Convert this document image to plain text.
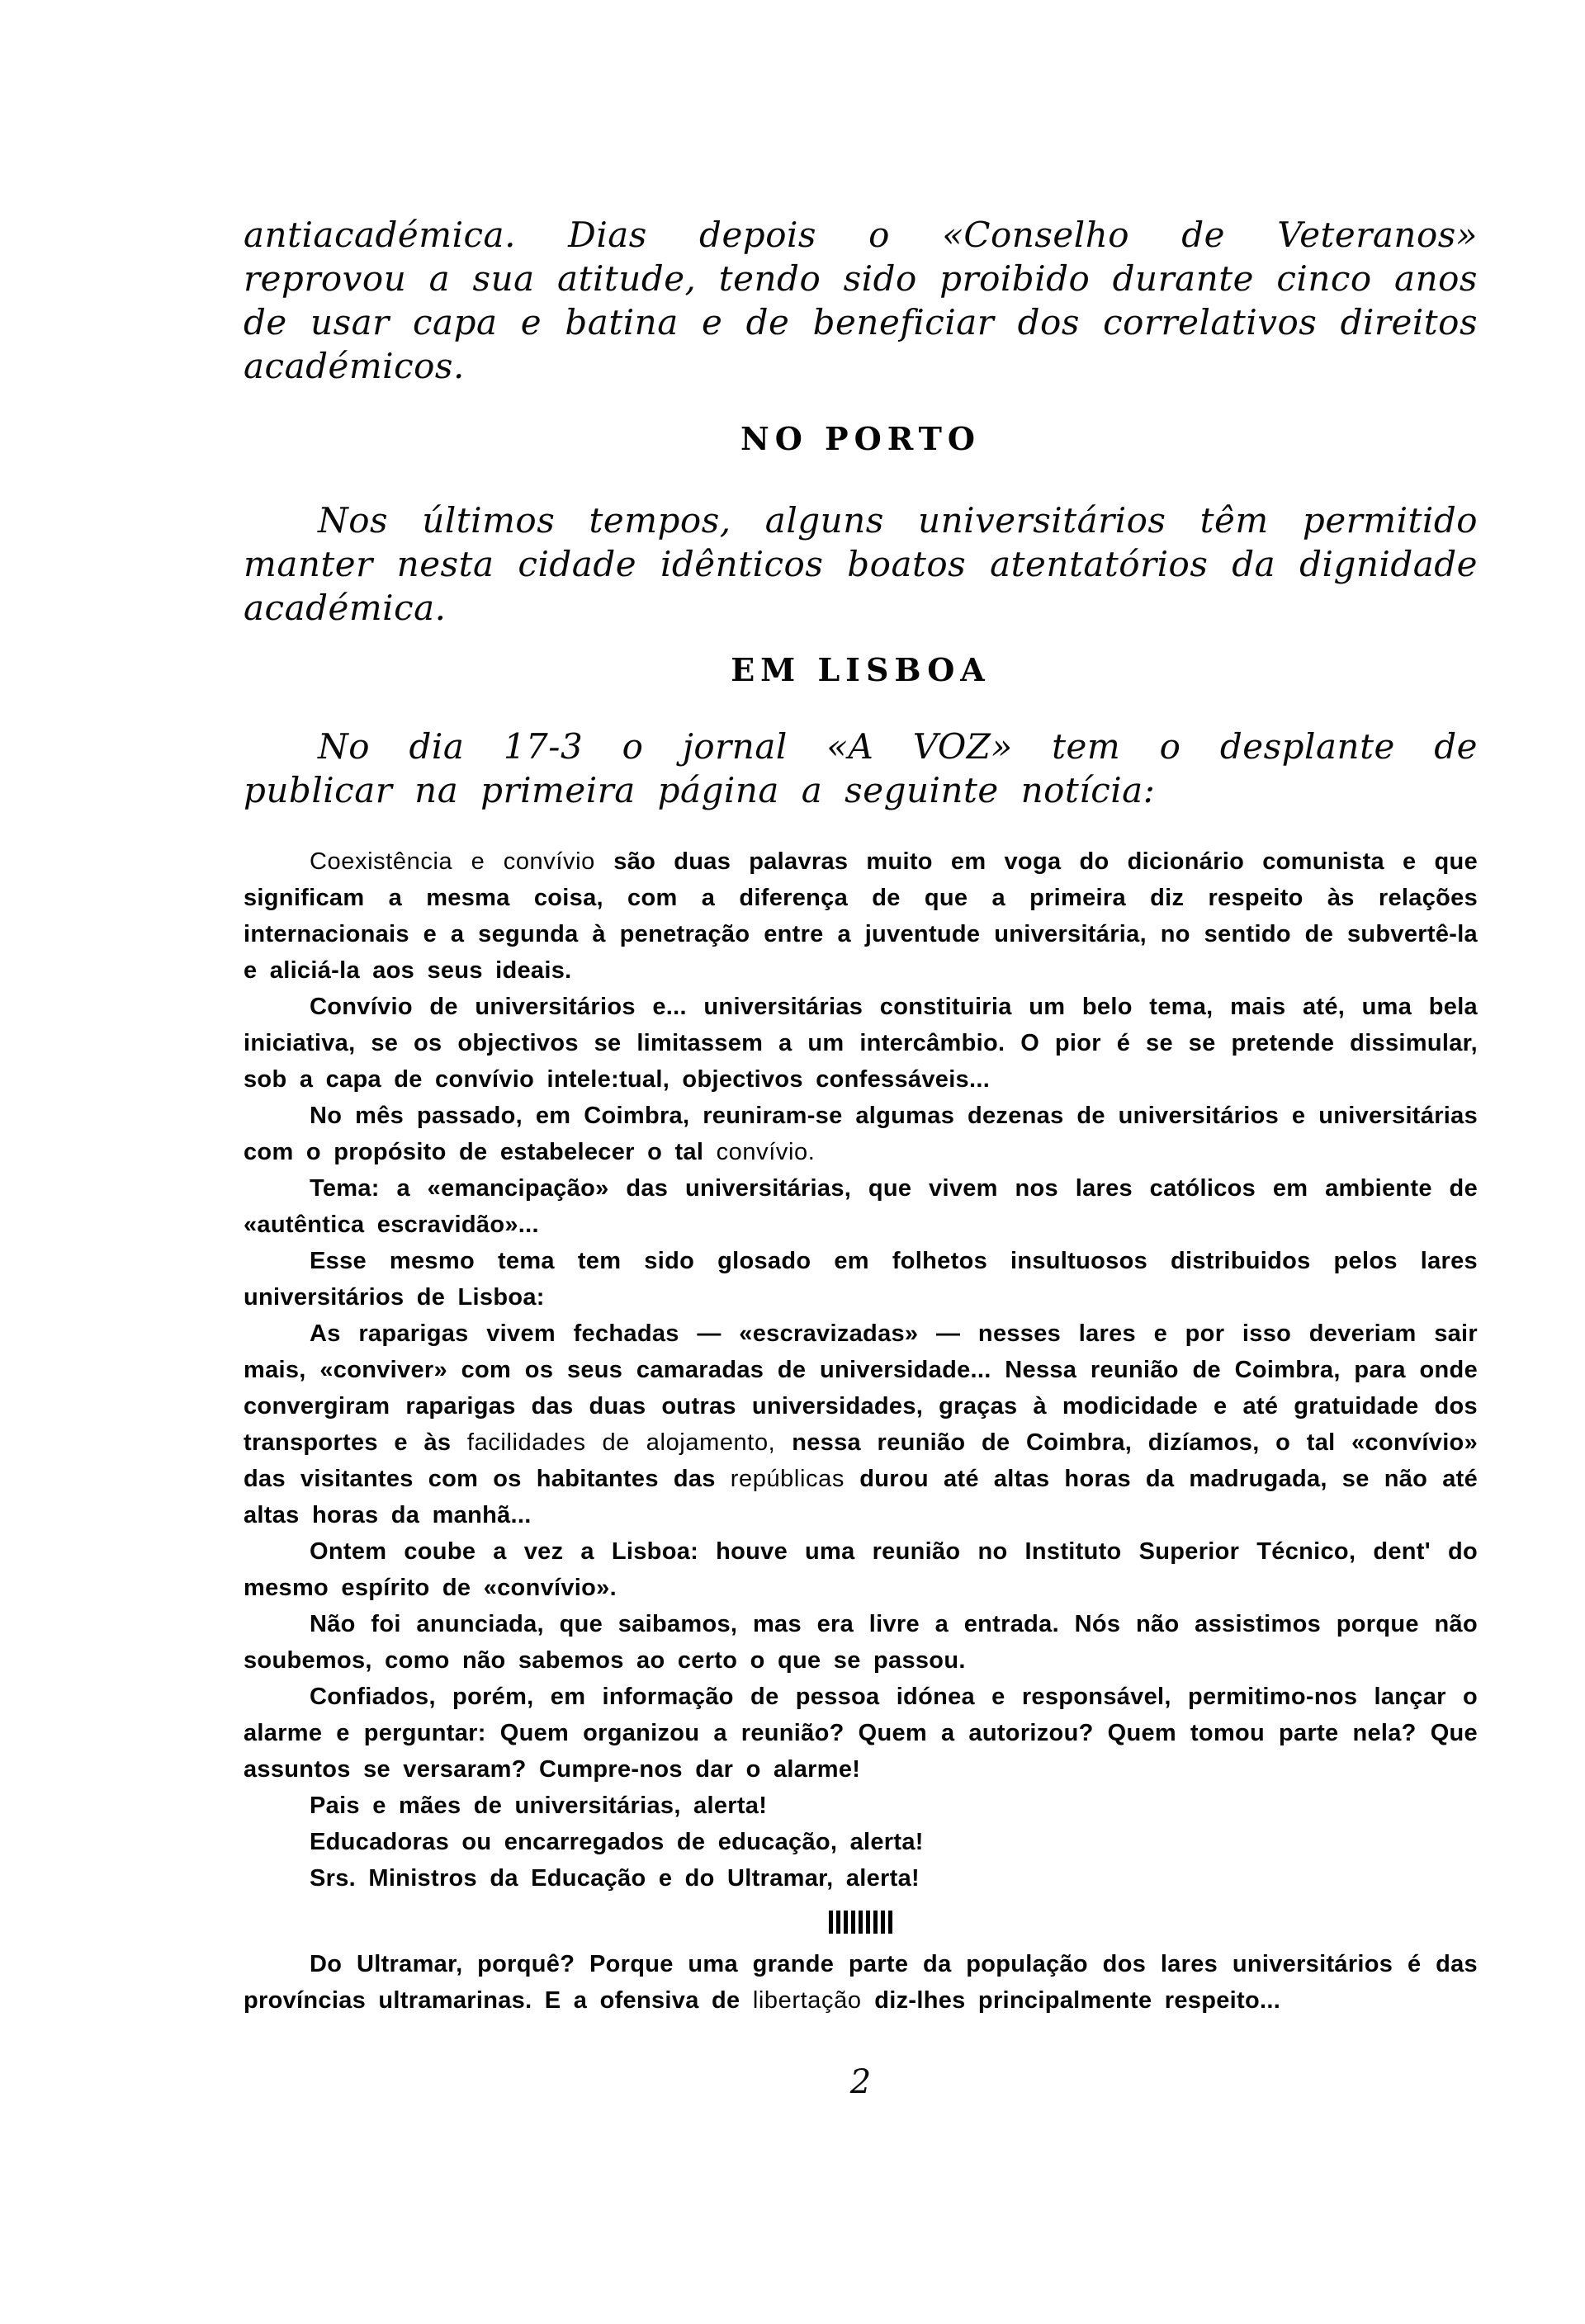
antiacadémica. Dias depois o «Conselho de Veteranos» reprovou a sua atitude, tendo sido proibido durante cinco anos de usar capa e batina e de beneficiar dos correlativos direitos académicos.

NO PORTO

Nos últimos tempos, alguns universitários têm permitido manter nesta cidade idênticos boatos atentatórios da dignidade académica.

EM LISBOA

No dia 17-3 o jornal «A VOZ» tem o desplante de publicar na primeira página a seguinte notícia:

Coexistência e convívio são duas palavras muito em voga do dicionário comunista e que significam a mesma coisa, com a diferença de que a primeira diz respeito às relações internacionais e a segunda à penetração entre a juventude universitária, no sentido de subvertê-la e aliciá-la aos seus ideais.

Convívio de universitários e... universitárias constituiria um belo tema, mais até, uma bela iniciativa, se os objectivos se limitassem a um intercâmbio. O pior é se se pretende dissimular, sob a capa de convívio intele:tual, objectivos confessáveis...

No mês passado, em Coimbra, reuniram-se algumas dezenas de universitários e universitárias com o propósito de estabelecer o tal convívio.

Tema: a «emancipação» das universitárias, que vivem nos lares católicos em ambiente de «autêntica escravidão»...

Esse mesmo tema tem sido glosado em folhetos insultuosos distribuidos pelos lares universitários de Lisboa:

As raparigas vivem fechadas — «escravizadas» — nesses lares e por isso deveriam sair mais, «conviver» com os seus camaradas de universidade... Nessa reunião de Coimbra, para onde convergiram raparigas das duas outras universidades, graças à modicidade e até gratuidade dos transportes e às facilidades de alojamento, nessa reunião de Coimbra, dizíamos, o tal «convívio» das visitantes com os habitantes das repúblicas durou até altas horas da madrugada, se não até altas horas da manhã...

Ontem coube a vez a Lisboa: houve uma reunião no Instituto Superior Técnico, dent' do mesmo espírito de «convívio».

Não foi anunciada, que saibamos, mas era livre a entrada. Nós não assistimos porque não soubemos, como não sabemos ao certo o que se passou.

Confiados, porém, em informação de pessoa idónea e responsável, permitimo-nos lançar o alarme e perguntar: Quem organizou a reunião? Quem a autorizou? Quem tomou parte nela? Que assuntos se versaram? Cumpre-nos dar o alarme!

Pais e mães de universitárias, alerta!

Educadoras ou encarregados de educação, alerta!

Srs. Ministros da Educação e do Ultramar, alerta!

Do Ultramar, porquê? Porque uma grande parte da população dos lares universitários é das províncias ultramarinas. E a ofensiva de libertação diz-lhes principalmente respeito...

2
